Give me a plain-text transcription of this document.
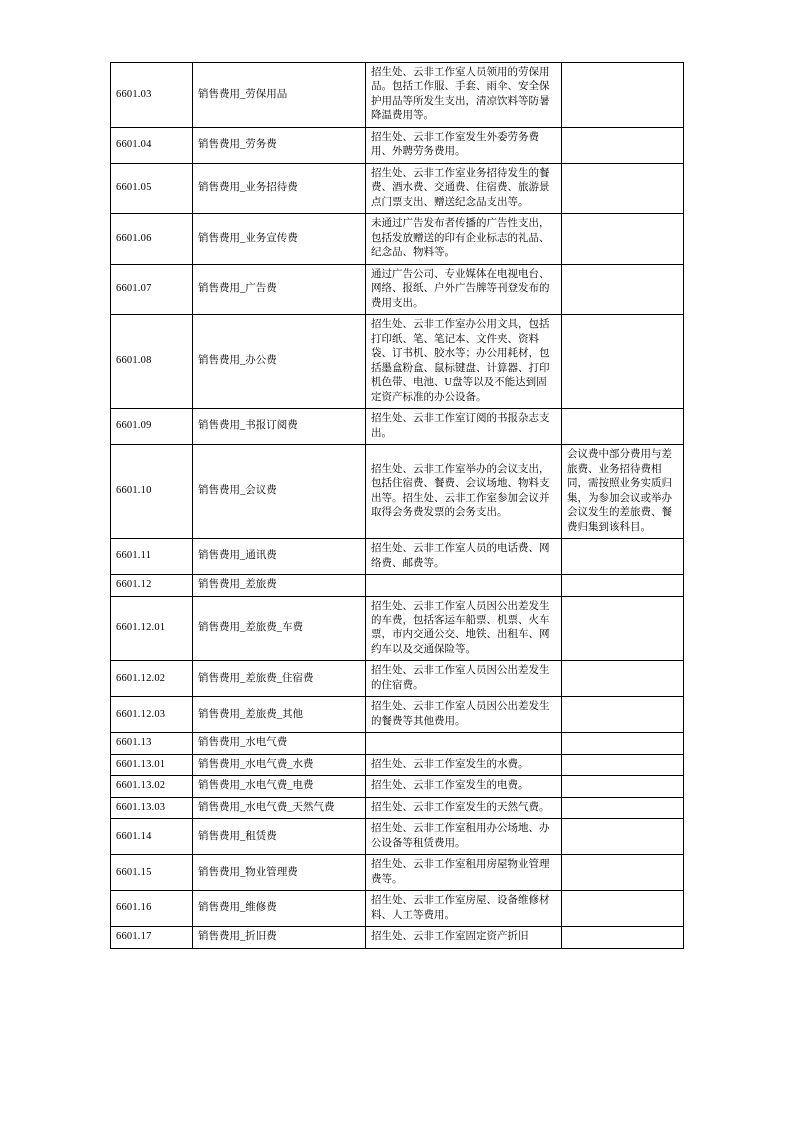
6601.03	销售费用_劳保用品	招生处、云非工作室人员领用的劳保用品。包括工作服、手套、雨伞、安全保护用品等所发生支出，清凉饮料等防暑降温费用等。	
6601.04	销售费用_劳务费	招生处、云非工作室发生外委劳务费用、外聘劳务费用。	
6601.05	销售费用_业务招待费	招生处、云非工作室业务招待发生的餐费、酒水费、交通费、住宿费、旅游景点门票支出、赠送纪念品支出等。	
6601.06	销售费用_业务宣传费	未通过广告发布者传播的广告性支出，包括发放赠送的印有企业标志的礼品、纪念品、物料等。	
6601.07	销售费用_广告费	通过广告公司、专业媒体在电视电台、网络、报纸、户外广告牌等刊登发布的费用支出。	
6601.08	销售费用_办公费	招生处、云非工作室办公用文具，包括打印纸、笔、笔记本、文件夹、资料袋、订书机、胶水等；办公用耗材，包括墨盒粉盒、鼠标键盘、计算器、打印机色带、电池、U盘等以及不能达到固定资产标准的办公设备。	
6601.09	销售费用_书报订阅费	招生处、云非工作室订阅的书报杂志支出。	
6601.10	销售费用_会议费	招生处、云非工作室举办的会议支出，包括住宿费、餐费、会议场地、物料支出等。招生处、云非工作室参加会议并取得会务费发票的会务支出。	会议费中部分费用与差旅费、业务招待费相同，需按照业务实质归集，为参加会议或举办会议发生的差旅费、餐费归集到该科目。
6601.11	销售费用_通讯费	招生处、云非工作室人员的电话费、网络费、邮费等。	
6601.12	销售费用_差旅费		
6601.12.01	销售费用_差旅费_车费	招生处、云非工作室人员因公出差发生的车费，包括客运车船票、机票、火车票，市内交通公交、地铁、出租车、网约车以及交通保险等。	
6601.12.02	销售费用_差旅费_住宿费	招生处、云非工作室人员因公出差发生的住宿费。	
6601.12.03	销售费用_差旅费_其他	招生处、云非工作室人员因公出差发生的餐费等其他费用。	
6601.13	销售费用_水电气费		
6601.13.01	销售费用_水电气费_水费	招生处、云非工作室发生的水费。	
6601.13.02	销售费用_水电气费_电费	招生处、云非工作室发生的电费。	
6601.13.03	销售费用_水电气费_天然气费	招生处、云非工作室发生的天然气费。	
6601.14	销售费用_租赁费	招生处、云非工作室租用办公场地、办公设备等租赁费用。	
6601.15	销售费用_物业管理费	招生处、云非工作室租用房屋物业管理费等。	
6601.16	销售费用_维修费	招生处、云非工作室房屋、设备维修材料、人工等费用。	
6601.17	销售费用_折旧费	招生处、云非工作室固定资产折旧	
